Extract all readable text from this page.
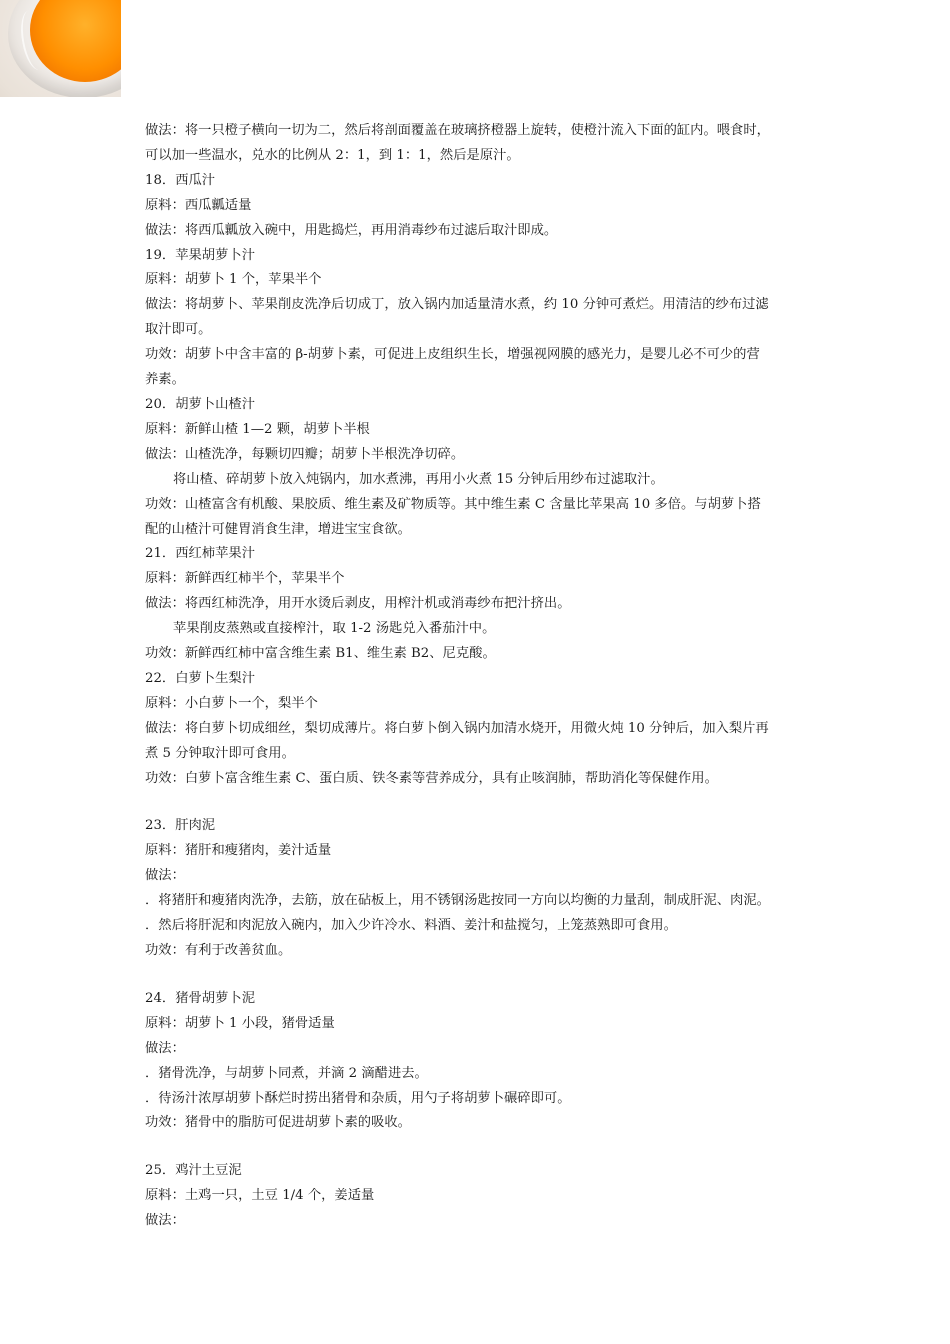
做法：将一只橙子横向一切为二，然后将剖面覆盖在玻璃挤橙器上旋转，使橙汁流入下面的缸内。喂食时，
可以加一些温水，兑水的比例从 2：1，到 1：1，然后是原汁。
18．西瓜汁
原料：西瓜瓤适量
做法：将西瓜瓤放入碗中，用匙捣烂，再用消毒纱布过滤后取汁即成。
19．苹果胡萝卜汁
原料：胡萝卜 1 个，苹果半个
做法：将胡萝卜、苹果削皮洗净后切成丁，放入锅内加适量清水煮，约 10 分钟可煮烂。用清洁的纱布过滤
取汁即可。
功效：胡萝卜中含丰富的 β-胡萝卜素，可促进上皮组织生长，增强视网膜的感光力，是婴儿必不可少的营
养素。
20．胡萝卜山楂汁
原料：新鲜山楂 1—2 颗，胡萝卜半根
做法：山楂洗净，每颗切四瓣；胡萝卜半根洗净切碎。
将山楂、碎胡萝卜放入炖锅内，加水煮沸，再用小火煮 15 分钟后用纱布过滤取汁。
功效：山楂富含有机酸、果胶质、维生素及矿物质等。其中维生素 C 含量比苹果高 10 多倍。与胡萝卜搭
配的山楂汁可健胃消食生津，增进宝宝食欲。
21．西红柿苹果汁
原料：新鲜西红柿半个，苹果半个
做法：将西红柿洗净，用开水烫后剥皮，用榨汁机或消毒纱布把汁挤出。
苹果削皮蒸熟或直接榨汁，取 1-2 汤匙兑入番茄汁中。
功效：新鲜西红柿中富含维生素 B1、维生素 B2、尼克酸。
22．白萝卜生梨汁
原料：小白萝卜一个，梨半个
做法：将白萝卜切成细丝，梨切成薄片。将白萝卜倒入锅内加清水烧开，用微火炖 10 分钟后，加入梨片再
煮 5 分钟取汁即可食用。
功效：白萝卜富含维生素 C、蛋白质、铁冬素等营养成分，具有止咳润肺，帮助消化等保健作用。
23．肝肉泥
原料：猪肝和瘦猪肉，姜汁适量
做法：
．将猪肝和瘦猪肉洗净，去筋，放在砧板上，用不锈钢汤匙按同一方向以均衡的力量刮，制成肝泥、肉泥。
．然后将肝泥和肉泥放入碗内，加入少许冷水、料酒、姜汁和盐搅匀，上笼蒸熟即可食用。
功效：有利于改善贫血。
24．猪骨胡萝卜泥
原料：胡萝卜 1 小段，猪骨适量
做法：
．猪骨洗净，与胡萝卜同煮，并滴 2 滴醋进去。
．待汤汁浓厚胡萝卜酥烂时捞出猪骨和杂质，用勺子将胡萝卜碾碎即可。
功效：猪骨中的脂肪可促进胡萝卜素的吸收。
25．鸡汁土豆泥
原料：土鸡一只，土豆 1/4 个，姜适量
做法：
